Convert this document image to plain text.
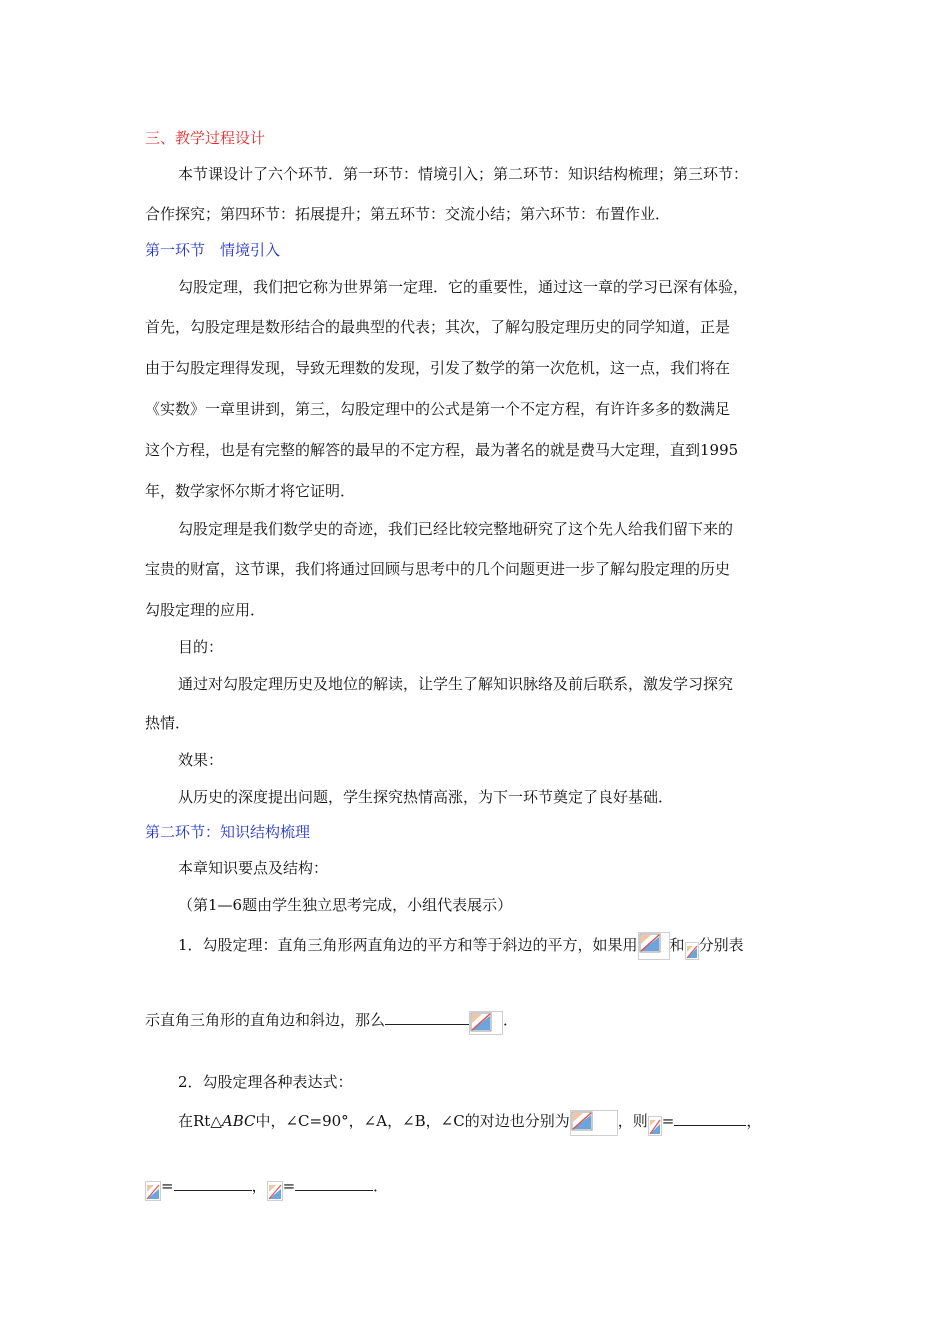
三、教学过程设计
本节课设计了六个环节．第一环节：情境引入；第二环节：知识结构梳理；第三环节：
合作探究；第四环节：拓展提升；第五环节：交流小结；第六环节：布置作业．
第一环节　情境引入
勾股定理，我们把它称为世界第一定理．它的重要性，通过这一章的学习已深有体验，
首先，勾股定理是数形结合的最典型的代表；其次，了解勾股定理历史的同学知道，正是
由于勾股定理得发现，导致无理数的发现，引发了数学的第一次危机，这一点，我们将在
《实数》一章里讲到，第三，勾股定理中的公式是第一个不定方程，有许许多多的数满足
这个方程，也是有完整的解答的最早的不定方程，最为著名的就是费马大定理，直到1995
年，数学家怀尔斯才将它证明．
勾股定理是我们数学史的奇迹，我们已经比较完整地研究了这个先人给我们留下来的
宝贵的财富，这节课，我们将通过回顾与思考中的几个问题更进一步了解勾股定理的历史
勾股定理的应用．
目的：
通过对勾股定理历史及地位的解读，让学生了解知识脉络及前后联系，激发学习探究
热情．
效果：
从历史的深度提出问题，学生探究热情高涨，为下一环节奠定了良好基础．
第二环节：知识结构梳理
本章知识要点及结构：
（第1—6题由学生独立思考完成，小组代表展示）
1．勾股定理：直角三角形两直角边的平方和等于斜边的平方，如果用 和 分别表
示直角三角形的直角边和斜边，那么	．
2．勾股定理各种表达式：
在Rt△ABC中，∠C=90°，∠A，∠B，∠C的对边也分别为	，则 =	，
=	， =	．
